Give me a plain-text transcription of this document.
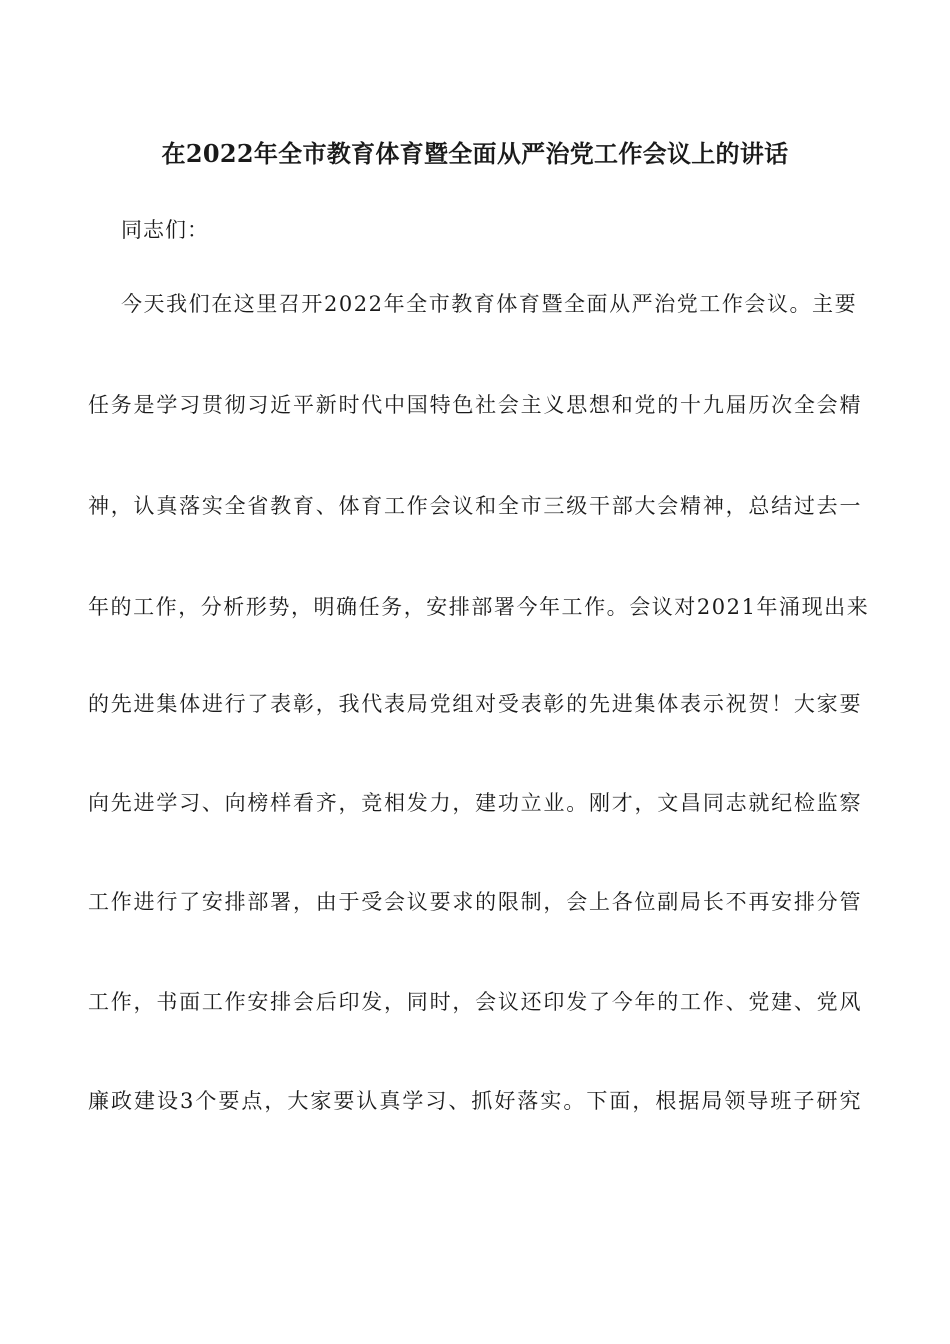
在2022年全市教育体育暨全面从严治党工作会议上的讲话
同志们：
今天我们在这里召开2022年全市教育体育暨全面从严治党工作会议。主要
任务是学习贯彻习近平新时代中国特色社会主义思想和党的十九届历次全会精
神，认真落实全省教育、体育工作会议和全市三级干部大会精神，总结过去一
年的工作，分析形势，明确任务，安排部署今年工作。会议对2021年涌现出来
的先进集体进行了表彰，我代表局党组对受表彰的先进集体表示祝贺！大家要
向先进学习、向榜样看齐，竞相发力，建功立业。刚才，文昌同志就纪检监察
工作进行了安排部署，由于受会议要求的限制，会上各位副局长不再安排分管
工作，书面工作安排会后印发，同时，会议还印发了今年的工作、党建、党风
廉政建设3个要点，大家要认真学习、抓好落实。下面，根据局领导班子研究
